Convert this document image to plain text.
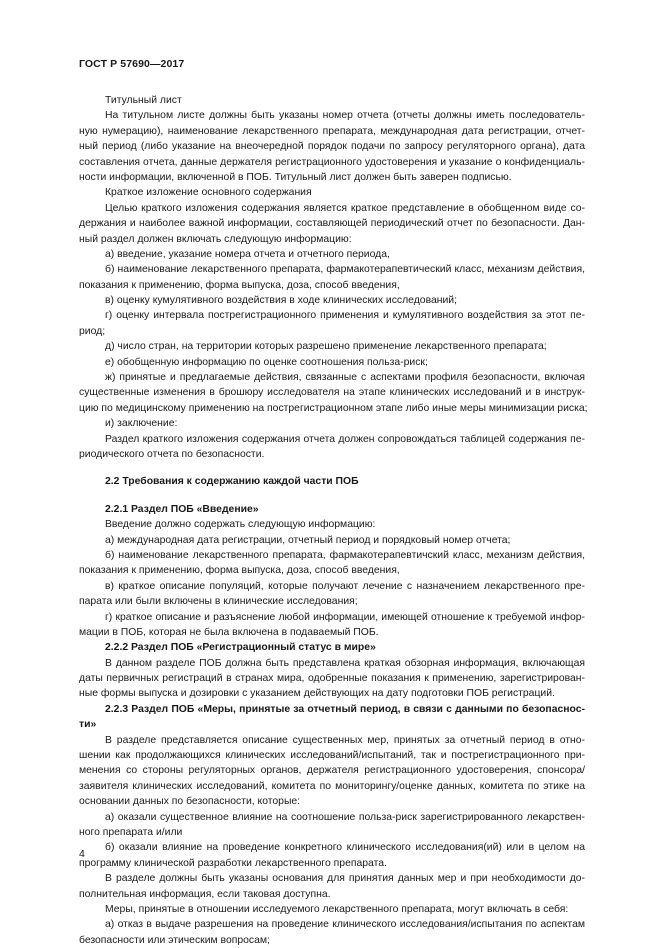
ГОСТ Р 57690—2017
Титульный лист
На титульном листе должны быть указаны номер отчета (отчеты должны иметь последователь-
ную нумерацию), наименование лекарственного препарата, международная дата регистрации, отчет-
ный период (либо указание на внеочередной порядок подачи по запросу регуляторного органа), дата
составления отчета, данные держателя регистрационного удостоверения и указание о конфиденциаль-
ности информации, включенной в ПОБ. Титульный лист должен быть заверен подписью.
Краткое изложение основного содержания
Целью краткого изложения содержания является краткое представление в обобщенном виде со-
держания и наиболее важной информации, составляющей периодический отчет по безопасности. Дан-
ный раздел должен включать следующую информацию:
а) введение, указание номера отчета и отчетного периода,
б) наименование лекарственного препарата, фармакотерапевтический класс, механизм действия,
показания к применению, форма выпуска, доза, способ введения,
в) оценку кумулятивного воздействия в ходе клинических исследований;
г) оценку интервала пострегистрационного применения и кумулятивного воздействия за этот пе-
риод;
д) число стран, на территории которых разрешено применение лекарственного препарата;
е) обобщенную информацию по оценке соотношения польза-риск;
ж) принятые и предлагаемые действия, связанные с аспектами профиля безопасности, включая
существенные изменения в брошюру исследователя на этапе клинических исследований и в инструк-
цию по медицинскому применению на пострегистрационном этапе либо иные меры минимизации риска;
и) заключение:
Раздел краткого изложения содержания отчета должен сопровождаться таблицей содержания пе-
риодического отчета по безопасности.
2.2 Требования к содержанию каждой части ПОБ
2.2.1 Раздел ПОБ «Введение»
Введение должно содержать следующую информацию:
а) международная дата регистрации, отчетный период и порядковый номер отчета;
б) наименование лекарственного препарата, фармакотерапевтичский класс, механизм действия,
показания к применению, форма выпуска, доза, способ введения,
в) краткое описание популяций, которые получают лечение с назначением лекарственного пре-
парата или были включены в клинические исследования;
г) краткое описание и разъяснение любой информации, имеющей отношение к требуемой инфор-
мации в ПОБ, которая не была включена в подаваемый ПОБ.
2.2.2 Раздел ПОБ «Регистрационный статус в мире»
В данном разделе ПОБ должна быть представлена краткая обзорная информация, включающая
даты первичных регистраций в странах мира, одобренные показания к применению, зарегистрирован-
ные формы выпуска и дозировки с указанием действующих на дату подготовки ПОБ регистраций.
2.2.3 Раздел ПОБ «Меры, принятые за отчетный период, в связи с данными по безопаснос-
ти»
В разделе представляется описание существенных мер, принятых за отчетный период в отно-
шении как продолжающихся клинических исследований/испытаний, так и пострегистрационного при-
менения со стороны регуляторных органов, держателя регистрационного удостоверения, спонсора/
заявителя клинических исследований, комитета по мониторингу/оценке данных, комитета по этике на
основании данных по безопасности, которые:
а) оказали существенное влияние на соотношение польза-риск зарегистрированного лекарствен-
ного препарата и/или
б) оказали влияние на проведение конкретного клинического исследования(ий) или в целом на
программу клинической разработки лекарственного препарата.
В разделе должны быть указаны основания для принятия данных мер и при необходимости до-
полнительная информация, если таковая доступна.
Меры, принятые в отношении исследуемого лекарственного препарата, могут включать в себя:
а) отказ в выдаче разрешения на проведение клинического исследования/испытания по аспектам
безопасности или этическим вопросам;
4
